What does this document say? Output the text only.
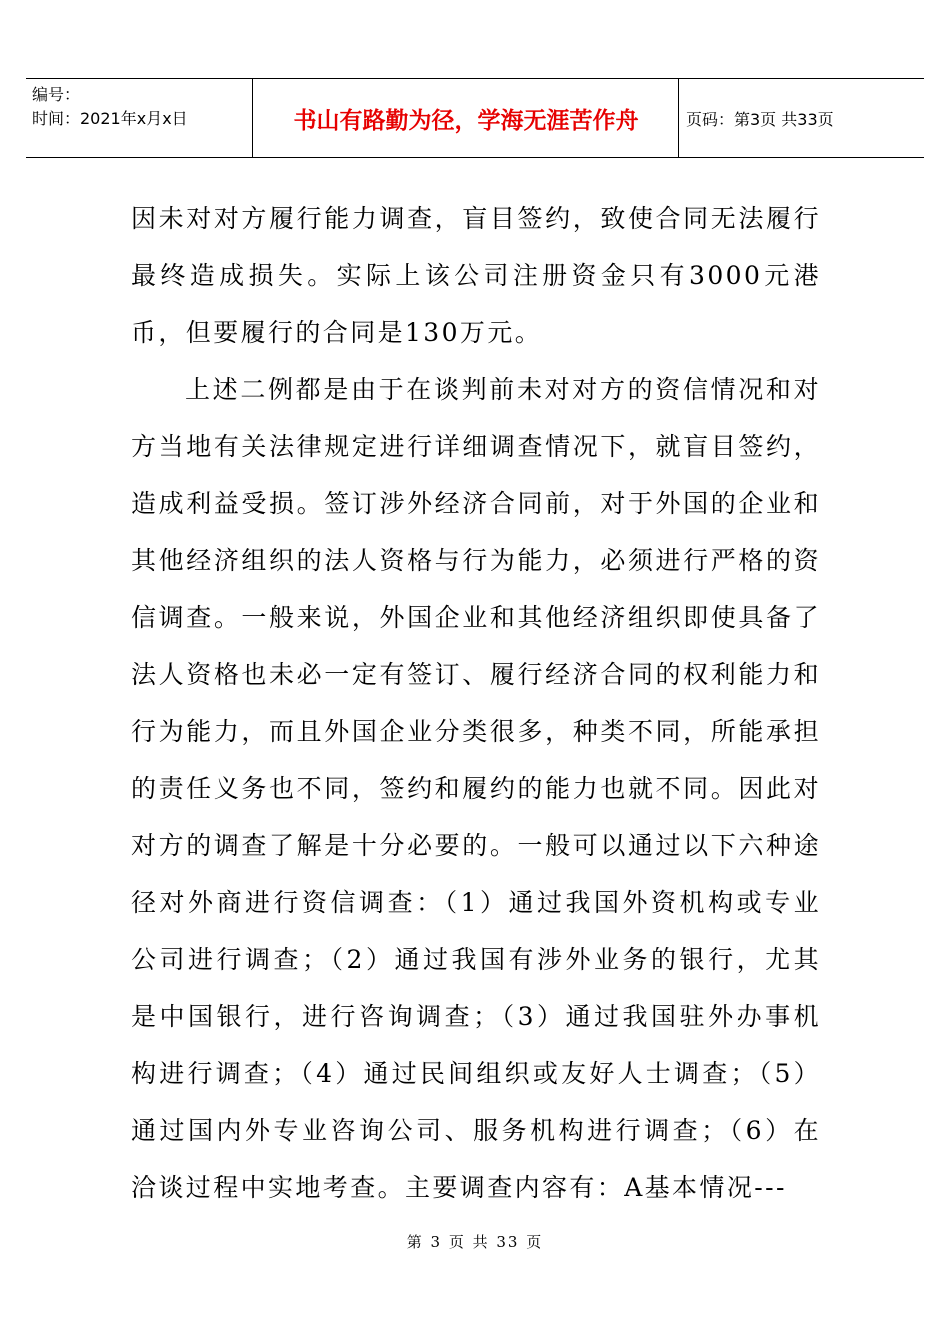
编号：
时间：2021年x月x日	书山有路勤为径，学海无涯苦作舟	页码：第3页 共33页

因未对对方履行能力调查，盲目签约，致使合同无法履行最终造成损失。实际上该公司注册资金只有3000元港币，但要履行的合同是130万元。

上述二例都是由于在谈判前未对对方的资信情况和对方当地有关法律规定进行详细调查情况下，就盲目签约，造成利益受损。签订涉外经济合同前，对于外国的企业和其他经济组织的法人资格与行为能力，必须进行严格的资信调查。一般来说，外国企业和其他经济组织即使具备了法人资格也未必一定有签订、履行经济合同的权利能力和行为能力，而且外国企业分类很多，种类不同，所能承担的责任义务也不同，签约和履约的能力也就不同。因此对对方的调查了解是十分必要的。一般可以通过以下六种途径对外商进行资信调查：（1）通过我国外资机构或专业公司进行调查；（2）通过我国有涉外业务的银行，尤其是中国银行，进行咨询调查；（3）通过我国驻外办事机构进行调查；（4）通过民间组织或友好人士调查；（5）通过国内外专业咨询公司、服务机构进行调查；（6）在洽谈过程中实地考查。主要调查内容有：A基本情况---

第 3 页 共 33 页
